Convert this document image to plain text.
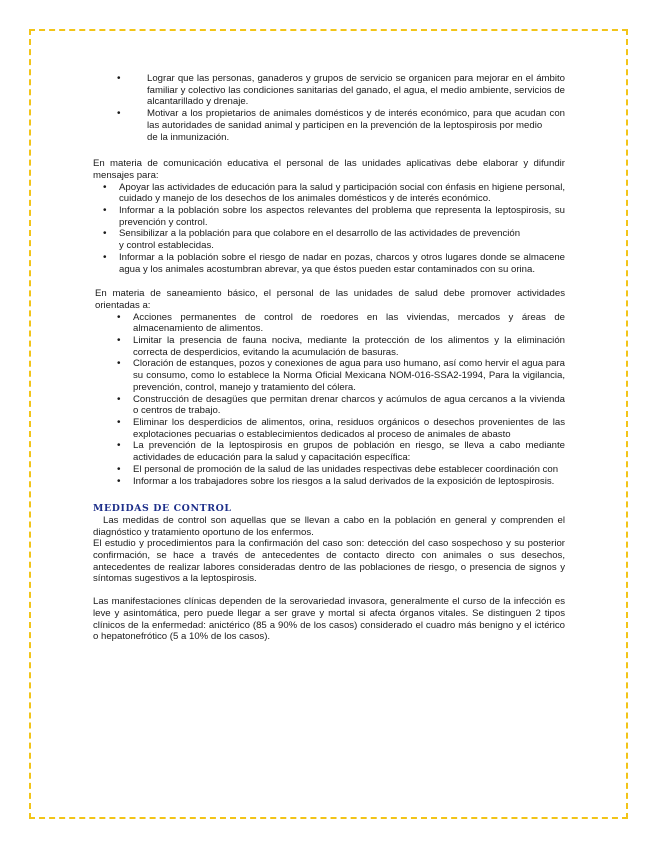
• Lograr que las personas, ganaderos y grupos de servicio se organicen para mejorar en el ámbito familiar y colectivo las condiciones sanitarias del ganado, el agua, el medio ambiente, servicios de alcantarillado y drenaje.
• Motivar a los propietarios de animales domésticos y de interés económico, para que acudan con las autoridades de sanidad animal y participen en la prevención de la leptospirosis por medio

de la inmunización.

En materia de comunicación educativa el personal de las unidades aplicativas debe elaborar y difundir mensajes para:

• Apoyar las actividades de educación para la salud y participación social con énfasis en higiene personal, cuidado y manejo de los desechos de los animales domésticos y de interés económico.
• Informar a la población sobre los aspectos relevantes del problema que representa la leptospirosis, su prevención y control.
• Sensibilizar a la población para que colabore en el desarrollo de las actividades de prevención

y control establecidas.

• Informar a la población sobre el riesgo de nadar en pozas, charcos y otros lugares donde se almacene agua y los animales acostumbran abrevar, ya que éstos pueden estar contaminados con su orina.

En materia de saneamiento básico, el personal de las unidades de salud debe promover actividades orientadas a:

• Acciones permanentes de control de roedores en las viviendas, mercados y áreas de almacenamiento de alimentos.
• Limitar la presencia de fauna nociva, mediante la protección de los alimentos y la eliminación correcta de desperdicios, evitando la acumulación de basuras.
• Cloración de estanques, pozos y conexiones de agua para uso humano, así como hervir el agua para su consumo, como lo establece la Norma Oficial Mexicana NOM-016-SSA2-1994, Para la vigilancia, prevención, control, manejo y tratamiento del cólera.
• Construcción de desagües que permitan drenar charcos y acúmulos de agua cercanos a la vivienda o centros de trabajo.
• Eliminar los desperdicios de alimentos, orina, residuos orgánicos o desechos provenientes de las explotaciones pecuarias o establecimientos dedicados al proceso de animales de abasto
• La prevención de la leptospirosis en grupos de población en riesgo, se lleva a cabo mediante actividades de educación para la salud y capacitación específica:
• El personal de promoción de la salud de las unidades respectivas debe establecer coordinación con
• Informar a los trabajadores sobre los riesgos a la salud derivados de la exposición de leptospirosis.
MEDIDAS DE CONTROL

Las medidas de control son aquellas que se llevan a cabo en la población en general y comprenden el diagnóstico y tratamiento oportuno de los enfermos.

El estudio y procedimientos para la confirmación del caso son: detección del caso sospechoso y su posterior confirmación, se hace a través de antecedentes de contacto directo con animales o sus desechos, antecedentes de realizar labores consideradas dentro de las poblaciones de riesgo, o presencia de signos y síntomas sugestivos a la leptospirosis.

Las manifestaciones clínicas dependen de la serovariedad invasora, generalmente el curso de la infección es leve y asintomática, pero puede llegar a ser grave y mortal si afecta órganos vitales. Se distinguen 2 tipos clínicos de la enfermedad: anictérico (85 a 90% de los casos) considerado el cuadro más benigno y el ictérico o hepatonefrótico (5 a 10% de los casos).
